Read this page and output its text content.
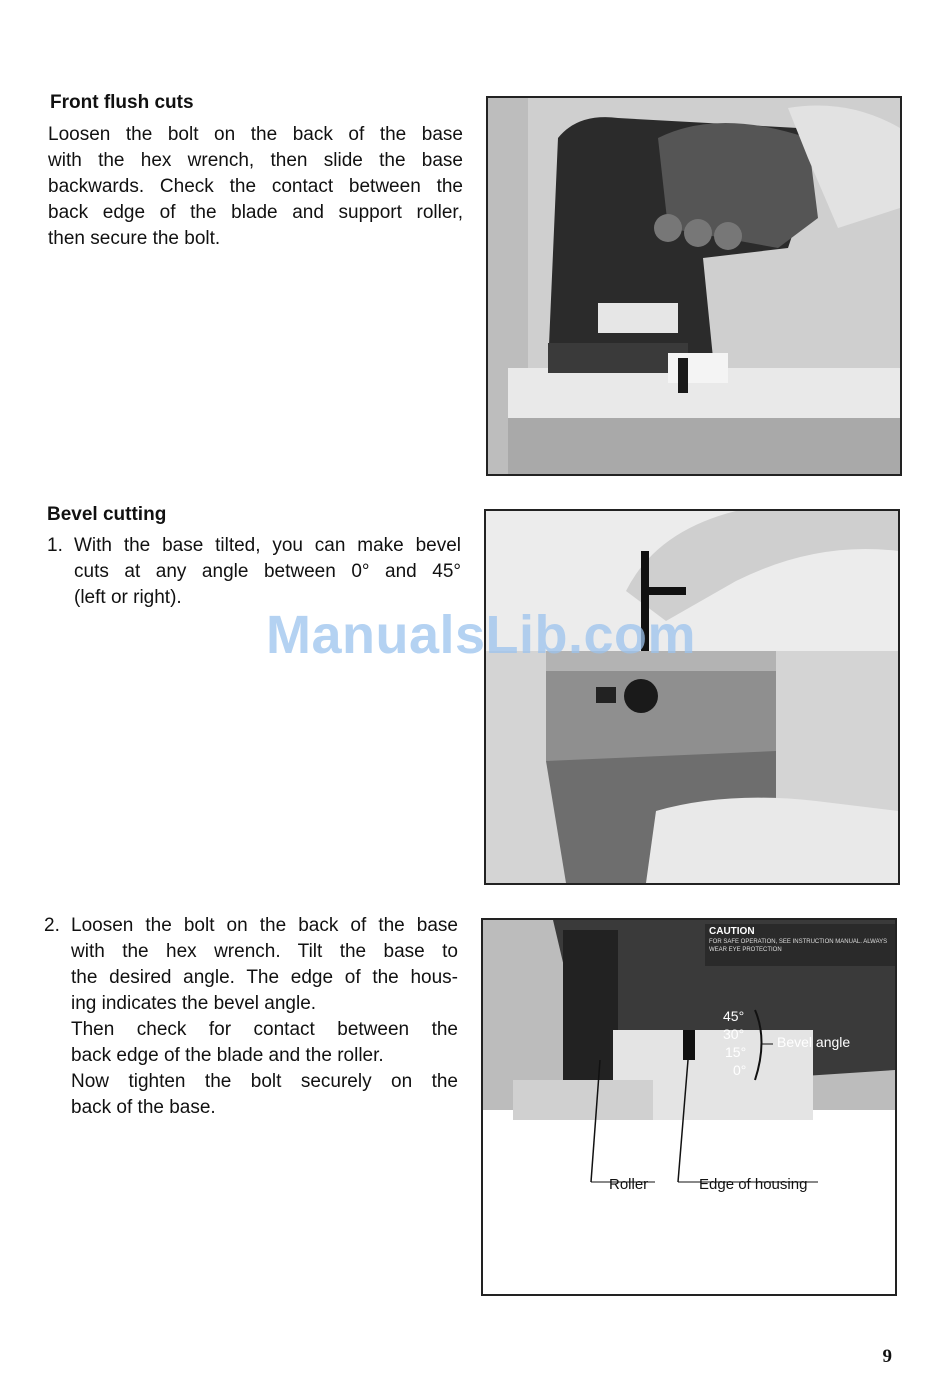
Front flush cuts
Loosen the bolt on the back of the base
with the hex wrench, then slide the base
backwards. Check the contact between the
back edge of the blade and support roller,
then secure the bolt.
Bevel cutting
1. With the base tilted, you can make bevel
cuts at any angle between 0° and 45°
(left or right).
2. Loosen the bolt on the back of the base
with the hex wrench. Tilt the base to
the desired angle. The edge of the hous-
ing indicates the bevel angle.
Then check for contact between the
back edge of the blade and the roller.
Now tighten the bolt securely on the
back of the base.
CAUTION
FOR SAFE OPERATION, SEE INSTRUCTION MANUAL. ALWAYS WEAR EYE PROTECTION
45°
30°
15°
0°
Bevel angle
Roller	Edge of housing
ManualsLib.com
9
